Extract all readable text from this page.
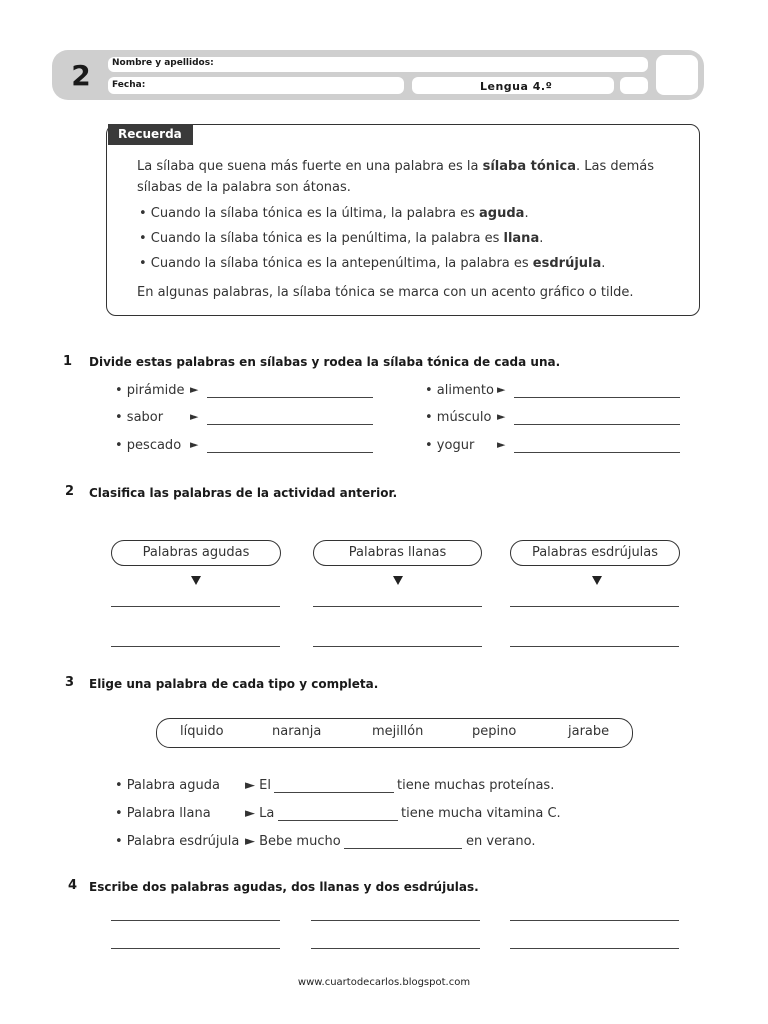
2	Nombre y apellidos:
Fecha:	Lengua 4.º
Recuerda
La sílaba que suena más fuerte en una palabra es la sílaba tónica. Las demás
sílabas de la palabra son átonas.
• Cuando la sílaba tónica es la última, la palabra es aguda.
• Cuando la sílaba tónica es la penúltima, la palabra es llana.
• Cuando la sílaba tónica es la antepenúltima, la palabra es esdrújula.
En algunas palabras, la sílaba tónica se marca con un acento gráfico o tilde.
1 Divide estas palabras en sílabas y rodea la sílaba tónica de cada una.
• pirámide ►
• sabor ►
• pescado ►
• alimento ►
• músculo ►
• yogur ►
2 Clasifica las palabras de la actividad anterior.
Palabras agudas	Palabras llanas	Palabras esdrújulas
3 Elige una palabra de cada tipo y completa.
líquido	naranja	mejillón	pepino	jarabe
• Palabra aguda ► El	tiene muchas proteínas.
• Palabra llana	► La	tiene mucha vitamina C.
• Palabra esdrújula ► Bebe mucho	en verano.
4 Escribe dos palabras agudas, dos llanas y dos esdrújulas.
www.cuartodecarlos.blogspot.com
